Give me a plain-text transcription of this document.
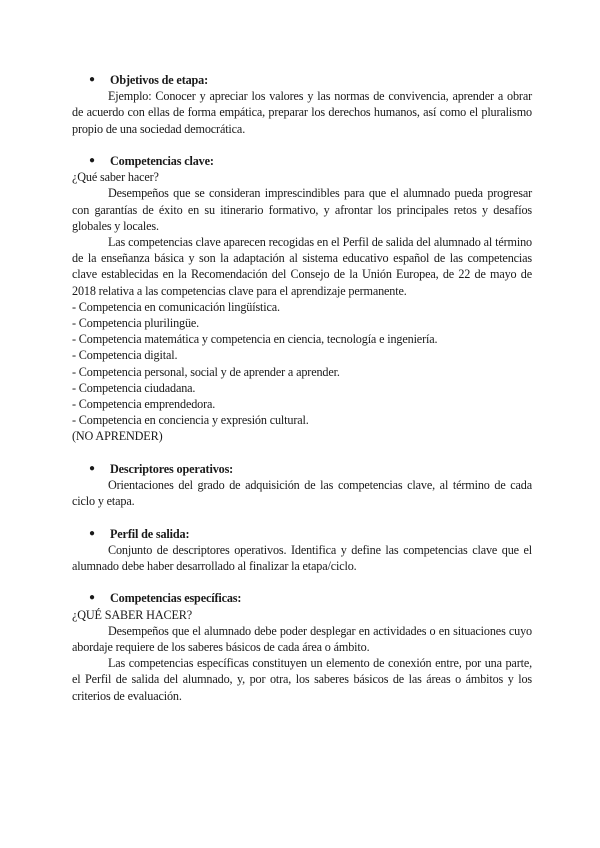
● Objetivos de etapa:

Ejemplo: Conocer y apreciar los valores y las normas de convivencia, aprender a obrar de acuerdo con ellas de forma empática, preparar los derechos humanos, así como el pluralismo propio de una sociedad democrática.

● Competencias clave:

¿Qué saber hacer?

Desempeños que se consideran imprescindibles para que el alumnado pueda progresar con garantías de éxito en su itinerario formativo, y afrontar los principales retos y desafíos globales y locales.

Las competencias clave aparecen recogidas en el Perfil de salida del alumnado al término de la enseñanza básica y son la adaptación al sistema educativo español de las competencias clave establecidas en la Recomendación del Consejo de la Unión Europea, de 22 de mayo de 2018 relativa a las competencias clave para el aprendizaje permanente.

- Competencia en comunicación lingüística.

- Competencia plurilingüe.

- Competencia matemática y competencia en ciencia, tecnología e ingeniería.

- Competencia digital.

- Competencia personal, social y de aprender a aprender.

- Competencia ciudadana.

- Competencia emprendedora.

- Competencia en conciencia y expresión cultural.

(NO APRENDER)

● Descriptores operativos:

Orientaciones del grado de adquisición de las competencias clave, al término de cada ciclo y etapa.

● Perfil de salida:

Conjunto de descriptores operativos. Identifica y define las competencias clave que el alumnado debe haber desarrollado al finalizar la etapa/ciclo.

● Competencias específicas:

¿QUÉ SABER HACER?

Desempeños que el alumnado debe poder desplegar en actividades o en situaciones cuyo abordaje requiere de los saberes básicos de cada área o ámbito.

Las competencias específicas constituyen un elemento de conexión entre, por una parte, el Perfil de salida del alumnado, y, por otra, los saberes básicos de las áreas o ámbitos y los criterios de evaluación.
